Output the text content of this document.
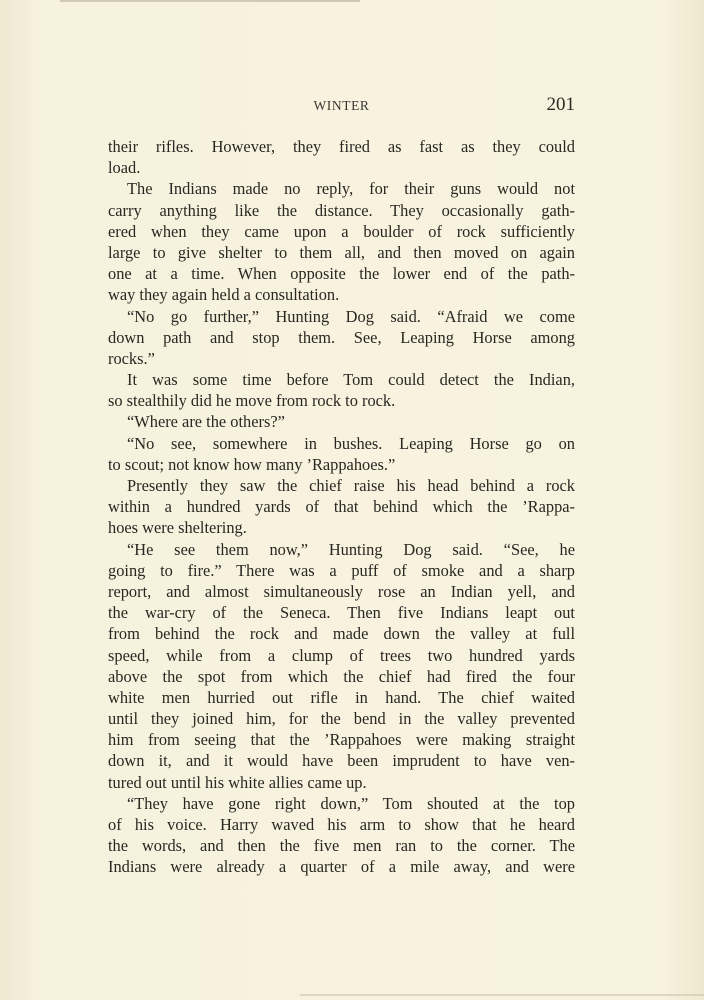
WINTER	201
their rifles. However, they fired as fast as they could
load.
The Indians made no reply, for their guns would not
carry anything like the distance. They occasionally gath-
ered when they came upon a boulder of rock sufficiently
large to give shelter to them all, and then moved on again
one at a time. When opposite the lower end of the path-
way they again held a consultation.
“No go further,” Hunting Dog said. “Afraid we come
down path and stop them. See, Leaping Horse among
rocks.”
It was some time before Tom could detect the Indian,
so stealthily did he move from rock to rock.
“Where are the others?”
“No see, somewhere in bushes. Leaping Horse go on
to scout; not know how many ’Rappahoes.”
Presently they saw the chief raise his head behind a rock
within a hundred yards of that behind which the ’Rappa-
hoes were sheltering.
“He see them now,” Hunting Dog said. “See, he
going to fire.” There was a puff of smoke and a sharp
report, and almost simultaneously rose an Indian yell, and
the war-cry of the Seneca. Then five Indians leapt out
from behind the rock and made down the valley at full
speed, while from a clump of trees two hundred yards
above the spot from which the chief had fired the four
white men hurried out rifle in hand. The chief waited
until they joined him, for the bend in the valley prevented
him from seeing that the ’Rappahoes were making straight
down it, and it would have been imprudent to have ven-
tured out until his white allies came up.
“They have gone right down,” Tom shouted at the top
of his voice. Harry waved his arm to show that he heard
the words, and then the five men ran to the corner. The
Indians were already a quarter of a mile away, and were
